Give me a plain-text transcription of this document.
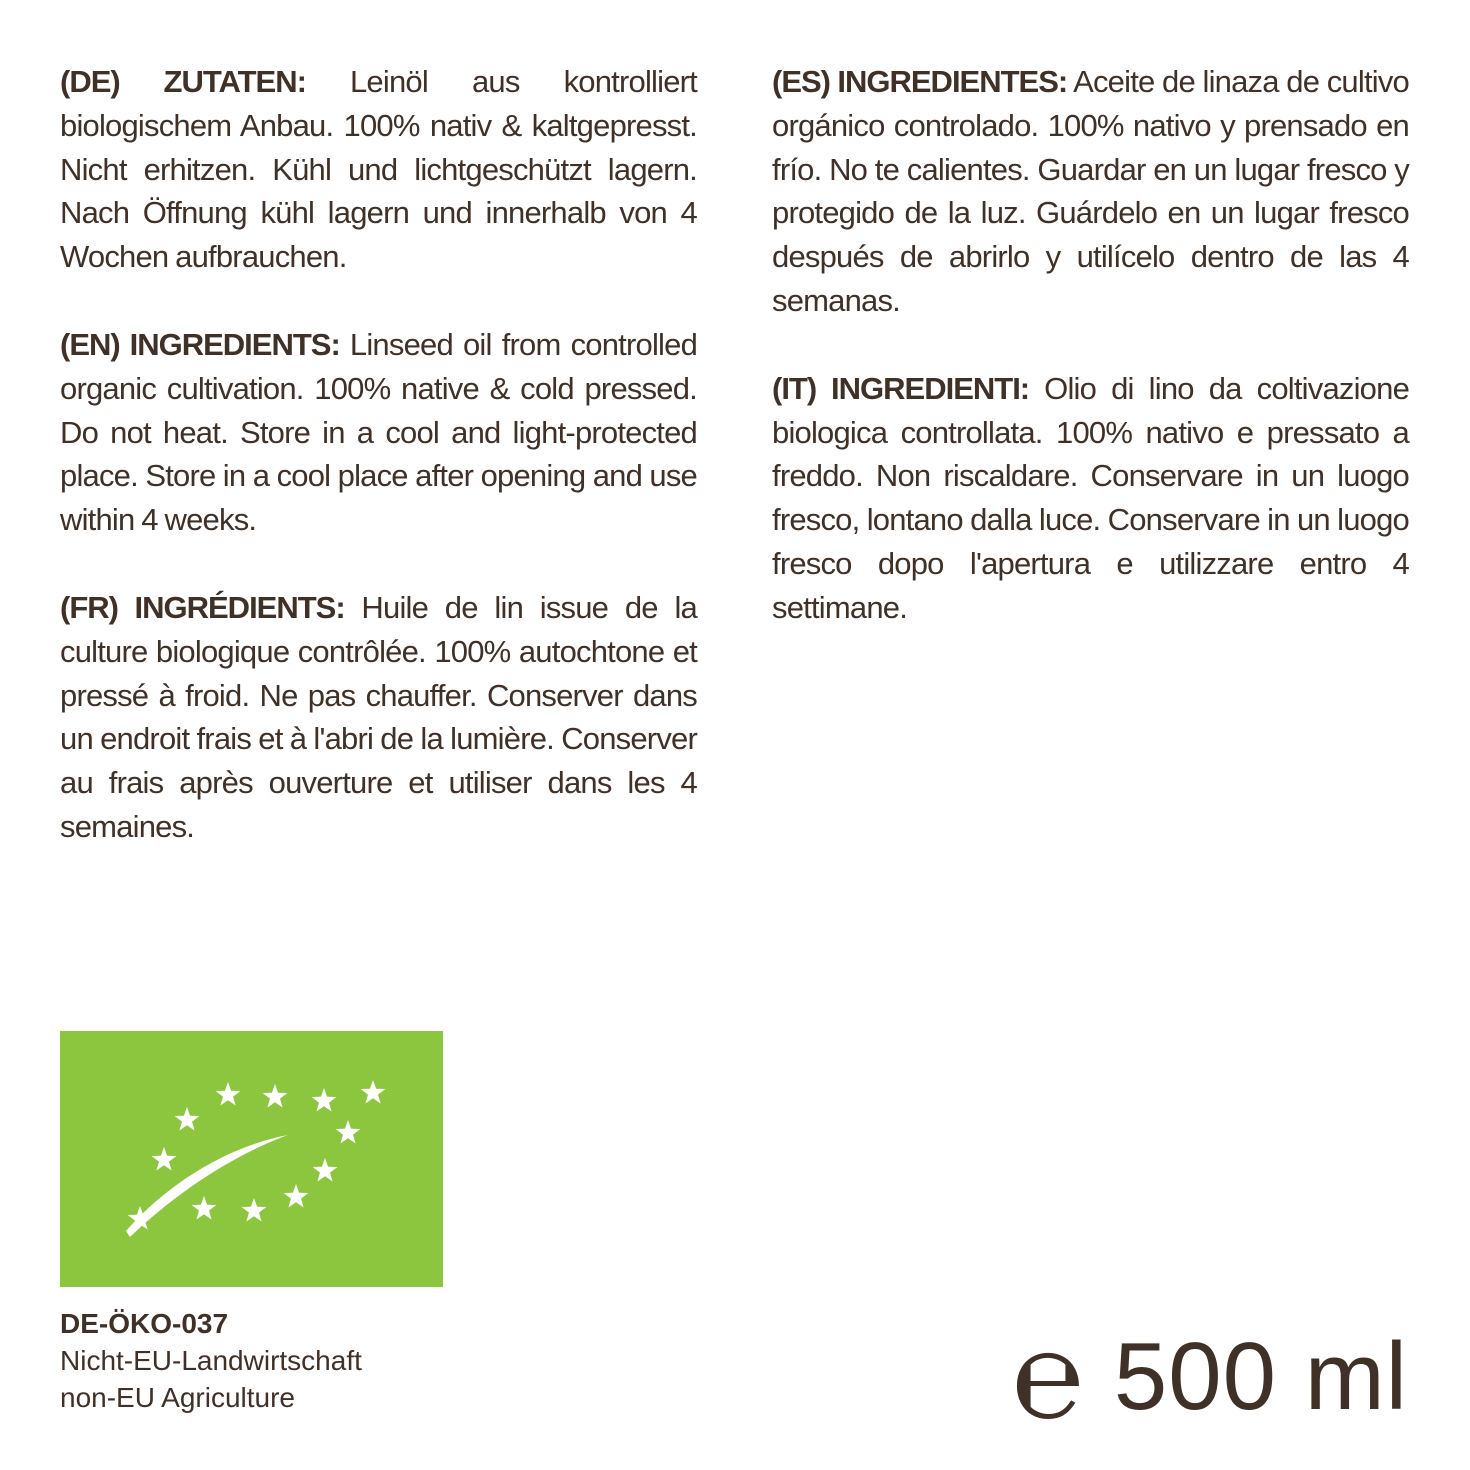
(DE) ZUTATEN: Leinöl aus kontrolliert biologischem Anbau. 100% nativ & kaltgepresst. Nicht erhitzen. Kühl und lichtgeschützt lagern. Nach Öffnung kühl lagern und innerhalb von 4 Wochen aufbrauchen.

(EN) INGREDIENTS: Linseed oil from controlled organic cultivation. 100% native & cold pressed. Do not heat. Store in a cool and light-protected place. Store in a cool place after opening and use within 4 weeks.

(FR) INGRÉDIENTS: Huile de lin issue de la culture biologique contrôlée. 100% autochtone et pressé à froid. Ne pas chauffer. Conserver dans un endroit frais et à l'abri de la lumière. Conserver au frais après ouverture et utiliser dans les 4 semaines.

(ES) INGREDIENTES: Aceite de linaza de cultivo orgánico controlado. 100% nativo y prensado en frío. No te calientes. Guardar en un lugar fresco y protegido de la luz. Guárdelo en un lugar fresco después de abrirlo y utilícelo dentro de las 4 semanas.

(IT) INGREDIENTI: Olio di lino da coltivazione biologica controllata. 100% nativo e pressato a freddo. Non riscaldare. Conservare in un luogo fresco, lontano dalla luce. Conservare in un luogo fresco dopo l'apertura e utilizzare entro 4 settimane.

DE-ÖKO-037
Nicht-EU-Landwirtschaft
non-EU Agriculture	℮ 500 ml
